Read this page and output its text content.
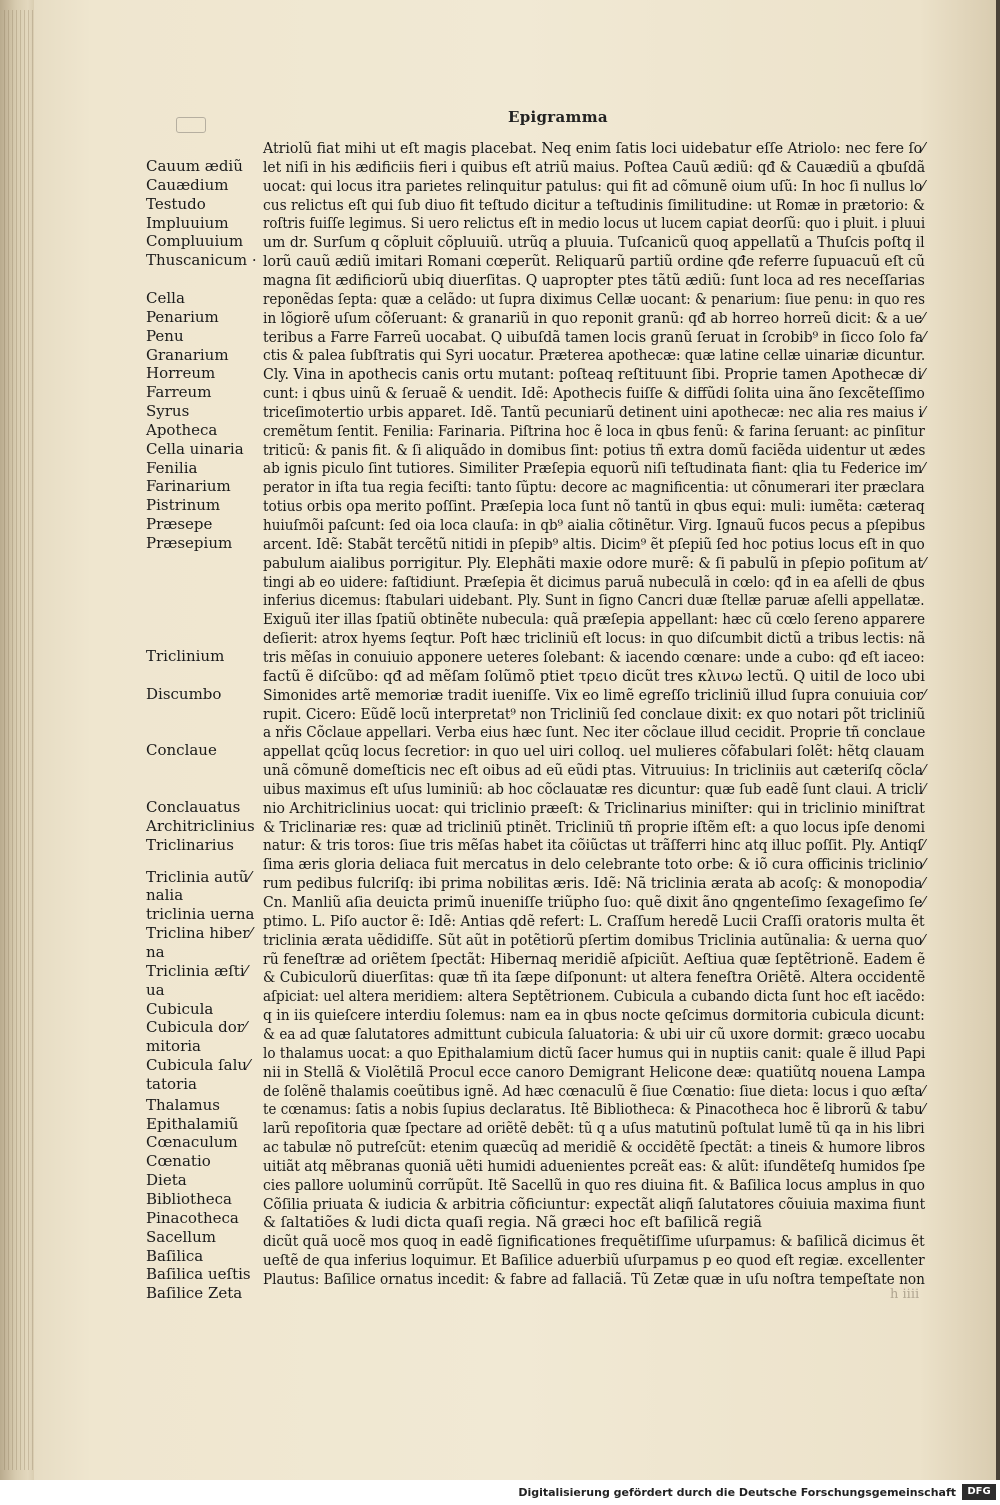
Epigramma
Cauum ædiũ
Cauædium
Testudo
Impluuium
Compluuium
Thuscanicum ·
Cella
Penarium
Penu
Granarium
Horreum
Farreum
Syrus
Apotheca
Cella uinaria
Fenilia
Farinarium
Pistrinum
Præsepe
Præsepium
Triclinium
Discumbo
Conclaue
Conclauatus
Architriclinius
Triclinarius
Triclinia autũ⁄
nalia
triclinia uerna
Triclina hiber⁄
na
Triclinia æſti⁄
ua
Cubicula
Cubicula dor⁄
mitoria
Cubicula ſalu⁄
tatoria
Thalamus
Epithalamiũ
Cœnaculum
Cœnatio
Dieta
Bibliotheca
Pinacotheca
Sacellum
Baſilica
Baſilica ueſtis
Baſilice Zeta
Atriolũ fiat mihi ut eſt magis placebat. Neq enim ſatis loci uidebatur eſſe Atriolo: nec fere ſo⁄
let niſi in his ædificiis fieri i quibus eſt atriũ maius. Poſtea Cauũ ædiũ: qđ & Cauædiũ a qbuſdã
uocat: qui locus itra parietes relinquitur patulus: qui fit ad cõmunẽ oium uſũ: In hoc ſi nullus lo⁄
cus relictus eſt qui ſub diuo fit teſtudo dicitur a teſtudinis ſimilitudine: ut Romæ in prætorio: &
roſtris fuiſſe legimus. Si uero relictus eſt in medio locus ut lucem capiat deorſũ: quo i pluit. i pluui
um dr. Surſum q cõpluit cõpluuiũ. utrũq a pluuia. Tuſcanicũ quoq appellatũ a Thuſcis poſtq il
lorũ cauũ ædiũ imitari Romani cœperũt. Reliquarũ partiũ ordine qđe referre ſupuacuũ eſt cũ
magna ſit ædificiorũ ubiq diuerſitas. Q uapropter ptes tãtũ ædiũ: ſunt loca ad res neceſſarias
reponẽdas ſepta: quæ a celãdo: ut ſupra diximus Cellæ uocant: & penarium: ſiue penu: in quo res
in lõgiorẽ uſum cõſeruant: & granariũ in quo reponit granũ: qđ ab horreo horreũ dicit: & a ue⁄
teribus a Farre Farreũ uocabat. Q uibuſdã tamen locis granũ ſeruat in ſcrobib⁹ in ſicco ſolo fa⁄
ctis & palea ſubſtratis qui Syri uocatur. Præterea apothecæ: quæ latine cellæ uinariæ dicuntur.
Cly. Vina in apothecis canis ortu mutant: poſteaq reſtituunt ſibi. Proprie tamen Apothecæ di⁄
cunt: i qbus uinũ & ſeruaẽ & uendit. Idẽ: Apothecis fuiſſe & diffũdi ſolita uina ãno ſexcẽteſſimo
triceſimotertio urbis apparet. Idẽ. Tantũ pecuniarũ detinent uini apothecæ: nec alia res maius i⁄
cremẽtum ſentit. Fenilia: Farinaria. Piſtrina hoc ẽ loca in qbus fenũ: & farina ſeruant: ac pinſitur
triticũ: & panis fit. & ſi aliquãdo in domibus ſint: potius tñ extra domũ faciẽda uidentur ut ædes
ab ignis piculo ſint tutiores. Similiter Præſepia equorũ niſi teſtudinata fiant: qlia tu Federice im⁄
perator in iſta tua regia feciſti: tanto ſũptu: decore ac magnificentia: ut cõnumerari iter præclara
totius orbis opa merito poſſint. Præſepia loca ſunt nõ tantũ in qbus equi: muli: iumẽta: cæteraq
huiuſmõi paſcunt: ſed oia loca clauſa: in qb⁹ aialia cõtinẽtur. Virg. Ignauũ fucos pecus a pſepibus
arcent. Idẽ: Stabãt tercẽtũ nitidi in pſepib⁹ altis. Dicim⁹ ẽt pſepiũ ſed hoc potius locus eſt in quo
pabulum aialibus porrigitur. Ply. Elephãti maxie odore murẽ: & ſi pabulũ in pſepio poſitum at⁄
tingi ab eo uidere: faſtidiunt. Præſepia ẽt dicimus paruã nubeculã in cœlo: qđ in ea aſelli de qbus
inferius dicemus: ſtabulari uidebant. Ply. Sunt in ſigno Cancri duæ ſtellæ paruæ aſelli appellatæ.
Exiguũ iter illas ſpatiũ obtinẽte nubecula: quã præſepia appellant: hæc cũ cœlo ſereno apparere
deſierit: atrox hyems ſeqtur. Poſt hæc tricliniũ eſt locus: in quo diſcumbit dictũ a tribus lectis: nã
tris mẽſas in conuiuio apponere ueteres ſolebant: & iacendo cœnare: unde a cubo: qđ eſt iaceo:
factũ ẽ diſcũbo: qđ ad mẽſam ſolũmõ ptiet τρειο dicũt tres κλινω lectũ. Q uitil de loco ubi
Simonides artẽ memoriæ tradit iueniſſe. Vix eo limẽ egreſſo tricliniũ illud ſupra conuiuia cor⁄
rupit. Cicero: Eũdẽ locũ interpretat⁹ non Tricliniũ ſed conclaue dixit: ex quo notari põt tricliniũ
a nřis Cõclaue appellari. Verba eius hæc ſunt. Nec iter cõclaue illud cecidit. Proprie tñ conclaue
appellat qcũq locus ſecretior: in quo uel uiri colloq. uel mulieres cõfabulari ſolẽt: hẽtq clauam
unã cõmunẽ domeſticis nec eſt oibus ad eũ eũdi ptas. Vitruuius: In tricliniis aut cæteriſq cõcla⁄
uibus maximus eſt uſus luminiũ: ab hoc cõclauatæ res dicuntur: quæ ſub eadẽ ſunt claui. A tricli⁄
nio Architriclinius uocat: qui triclinio præeſt: & Triclinarius miniſter: qui in triclinio miniſtrat
& Triclinariæ res: quæ ad tricliniũ ptinẽt. Tricliniũ tñ proprie iſtẽm eſt: a quo locus ipſe denomi
natur: & tris toros: ſiue tris mẽſas habet ita cõiũctas ut trãſferri hinc atq illuc poſſit. Ply. Antiqſ⁄
ſima æris gloria deliaca fuit mercatus in delo celebrante toto orbe: & iõ cura officinis triclinio⁄
rum pedibus fulcriſq: ibi prima nobilitas æris. Idẽ: Nã triclinia ærata ab acoſç: & monopodia⁄
Cn. Manliũ aſia deuicta primũ inueniſſe triũpho ſuo: quẽ dixit ãno qngenteſimo ſexageſimo ſe⁄
ptimo. L. Piſo auctor ẽ: Idẽ: Antias qdẽ refert: L. Craſſum heredẽ Lucii Craſſi oratoris multa ẽt
triclinia ærata uẽdidiſſe. Sũt aũt in potẽtiorũ pſertim domibus Triclinia autũnalia: & uerna quo⁄
rũ feneſtræ ad oriẽtem ſpectãt: Hibernaq meridiẽ aſpiciũt. Aeſtiua quæ ſeptẽtrionẽ. Eadem ẽ
& Cubiculorũ diuerſitas: quæ tñ ita ſæpe diſponunt: ut altera feneſtra Oriẽtẽ. Altera occidentẽ
aſpiciat: uel altera meridiem: altera Septẽtrionem. Cubicula a cubando dicta ſunt hoc eſt iacẽdo:
q in iis quieſcere interdiu ſolemus: nam ea in qbus nocte qeſcimus dormitoria cubicula dicunt:
& ea ad quæ ſalutatores admittunt cubicula ſaluatoria: & ubi uir cũ uxore dormit: græco uocabu
lo thalamus uocat: a quo Epithalamium dictũ ſacer humus qui in nuptiis canit: quale ẽ illud Papi
nii in Stellã & Violẽtilã Procul ecce canoro Demigrant Helicone deæ: quatiũtq nouena Lampa
de ſolẽnẽ thalamis coeũtibus ignẽ. Ad hæc cœnaculũ ẽ ſiue Cœnatio: ſiue dieta: locus i quo æſta⁄
te cœnamus: ſatis a nobis ſupius declaratus. Itẽ Bibliotheca: & Pinacotheca hoc ẽ librorũ & tabu⁄
larũ repoſitoria quæ ſpectare ad oriẽtẽ debẽt: tũ q a uſus matutinũ poſtulat lumẽ tũ qa in his libri
ac tabulæ nõ putreſcũt: etenim quæcũq ad meridiẽ & occidẽtẽ ſpectãt: a tineis & humore libros
uitiãt atq mẽbranas quoniã uẽti humidi aduenientes pcreãt eas: & alũt: iſundẽteſq humidos ſpe
cies pallore uoluminũ corrũpũt. Itẽ Sacellũ in quo res diuina fit. & Baſilica locus amplus in quo
Cõſilia priuata & iudicia & arbitria cõficiuntur: expectãt aliqñ ſalutatores cõuiuia maxima fiunt
& ſaltatiões & ludi dicta quaſi regia. Nã græci hoc eſt baſilicã regiã
dicũt quã uocẽ mos quoq in eadẽ ſignificationes frequẽtiſſime uſurpamus: & baſilicã dicimus ẽt
ueſtẽ de qua inferius loquimur. Et Baſilice aduerbiũ uſurpamus p eo quod eſt regiæ. excellenter
Plautus: Baſilice ornatus incedit: & fabre ad fallaciã. Tũ Zetæ quæ in uſu noſtra tempeſtate non

h iiii

Digitalisierung gefördert durch die Deutsche Forschungsgemeinschaft	DFG
